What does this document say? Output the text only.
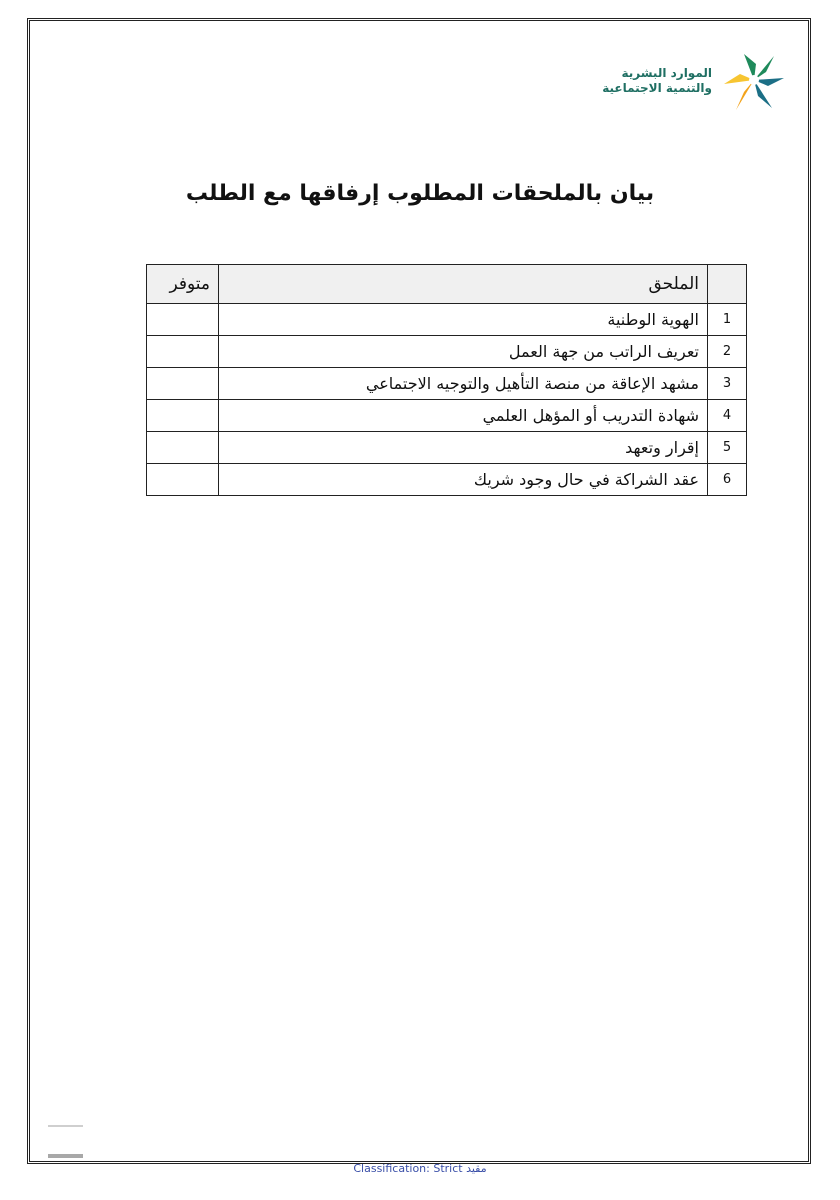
الموارد البشرية
والتنمية الاجتماعية
بيان بالملحقات المطلوب إرفاقها مع الطلب
	الملحق	متوفر
1	الهوية الوطنية	
2	تعريف الراتب من جهة العمل	
3	مشهد الإعاقة من منصة التأهيل والتوجيه الاجتماعي	
4	شهادة التدريب أو المؤهل العلمي	
5	إقرار وتعهد	
6	عقد الشراكة في حال وجود شريك	
Classification: Strict مقيد
